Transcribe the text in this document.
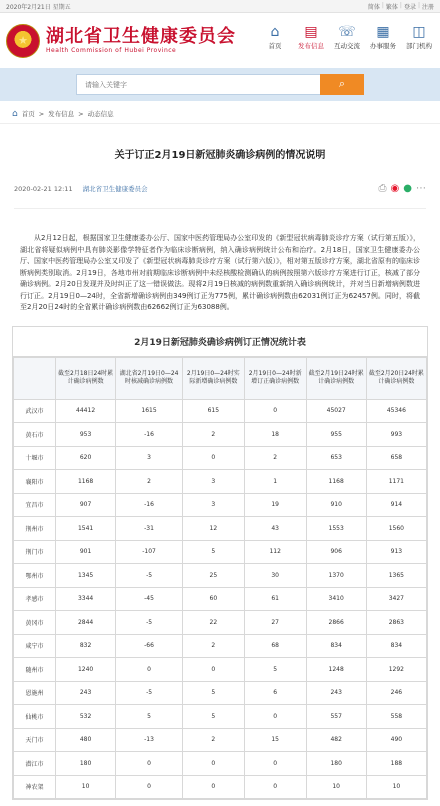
2020年2月21日 星期五	简体 | 繁体 | 登录 | 注册
★	湖北省卫生健康委员会
Health Commission of Hubei Province
⌂
首页
▤
发布信息
☏
互动交流
▦
办事服务
◫
部门机构
请输入关键字
⌕
⌂ 首页 > 发布信息 > 动态信息
关于订正2月19日新冠肺炎确诊病例的情况说明
2020-02-21 12:11 湖北省卫生健康委员会	⎙ ◉ ● ⋯

从2月12日起，根据国家卫生健康委办公厅、国家中医药管理局办公室印发的《新型冠状病毒肺炎诊疗方案（试行第五版）》，湖北省将疑似病例中具有肺炎影像学特征者作为临床诊断病例，纳入确诊病例统计公布和治疗。2月18日，国家卫生健康委办公厅、国家中医药管理局办公室又印发了《新型冠状病毒肺炎诊疗方案（试行第六版）》，相对第五版诊疗方案，湖北省原有的临床诊断病例类别取消。2月19日，各地市州对前期临床诊断病例中未经核酸检测确认的病例按照第六版诊疗方案进行订正，核减了部分确诊病例。2月20日发现并及时纠正了这一错误做法。现将2月19日核减的病例数重新纳入确诊病例统计，并对当日新增病例数进行订正。2月19日0—24时，全省新增确诊病例由349例订正为775例，累计确诊病例数由62031例订正为62457例。同时，将截至2月20日24时的全省累计确诊病例数由62662例订正为63088例。

2月19日新冠肺炎确诊病例订正情况统计表
	截至2月18日24时累计确诊病例数	湖北省2月19日0—24时核减确诊病例数	2月19日0—24时实际新增确诊病例数	2月19日0—24时新增订正确诊病例数	截至2月19日24时累计确诊病例数	截至2月20日24时累计确诊病例数
武汉市	44412	1615	615	0	45027	45346
黄石市	953	-16	2	18	955	993
十堰市	620	3	0	2	653	658
襄阳市	1168	2	3	1	1168	1171
宜昌市	907	-16	3	19	910	914
荆州市	1541	-31	12	43	1553	1560
荆门市	901	-107	5	112	906	913
鄂州市	1345	-5	25	30	1370	1365
孝感市	3344	-45	60	61	3410	3427
黄冈市	2844	-5	22	27	2866	2863
咸宁市	832	-66	2	68	834	834
随州市	1240	0	0	5	1248	1292
恩施州	243	-5	5	6	243	246
仙桃市	532	5	5	0	557	558
天门市	480	-13	2	15	482	490
潜江市	180	0	0	0	180	188
神农架	10	0	0	0	10	10
